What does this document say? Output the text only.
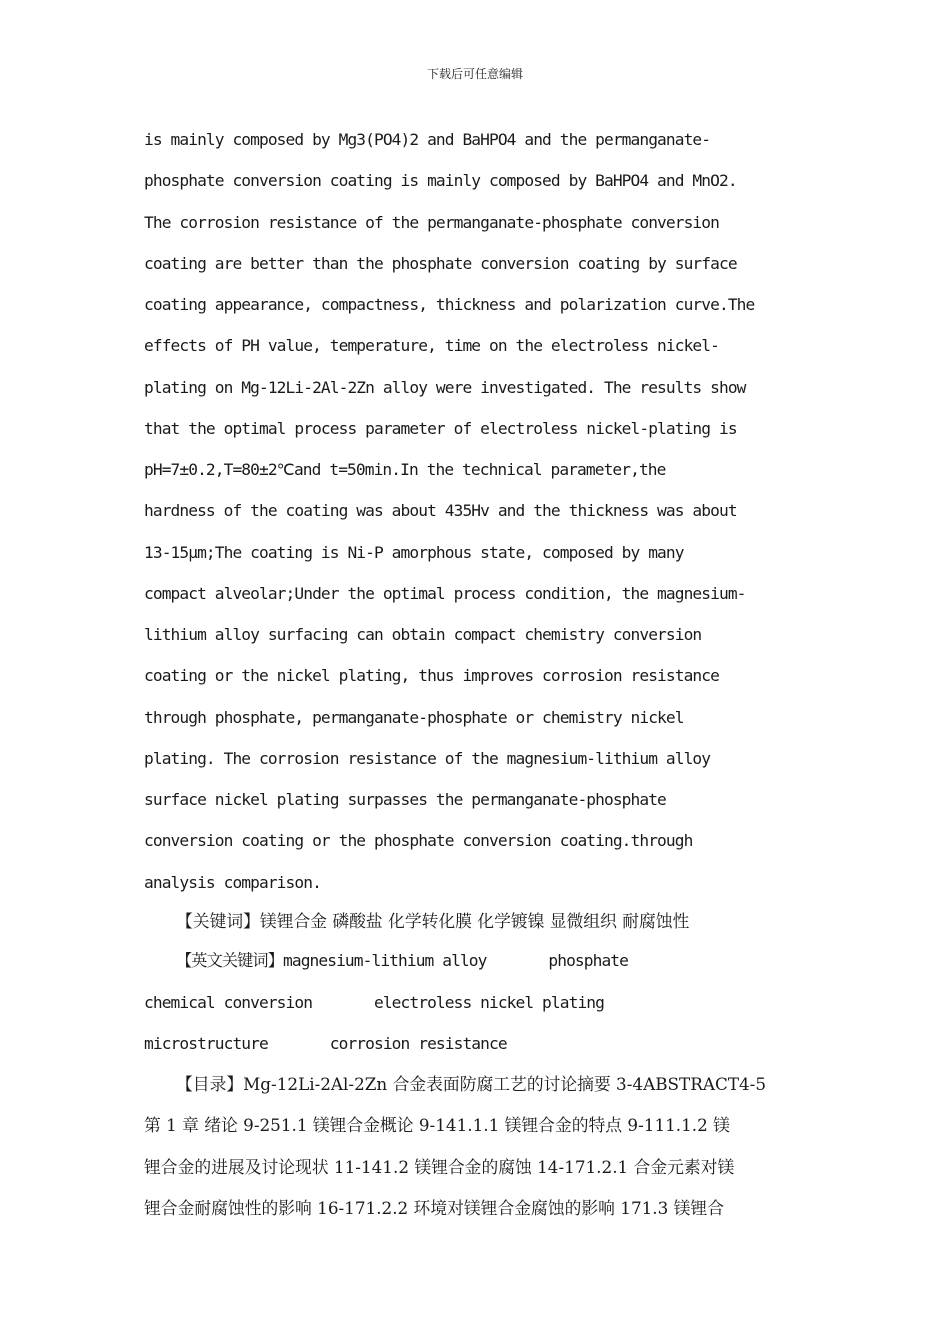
下载后可任意编辑
is mainly composed by Mg3(PO4)2 and BaHPO4 and the permanganate-
phosphate conversion coating is mainly composed by BaHPO4 and MnO2.
The corrosion resistance of the permanganate-phosphate conversion
coating are better than the phosphate conversion coating by surface
coating appearance, compactness, thickness and polarization curve.The
effects of PH value, temperature, time on the electroless nickel-
plating on Mg-12Li-2Al-2Zn alloy were investigated. The results show
that the optimal process parameter of electroless nickel-plating is
pH=7±0.2,T=80±2℃and t=50min.In the technical parameter,the
hardness of the coating was about 435Hv and the thickness was about
13-15μm;The coating is Ni-P amorphous state, composed by many
compact alveolar;Under the optimal process condition, the magnesium-
lithium alloy surfacing can obtain compact chemistry conversion
coating or the nickel plating, thus improves corrosion resistance
through phosphate, permanganate-phosphate or chemistry nickel
plating. The corrosion resistance of the magnesium-lithium alloy
surface nickel plating surpasses the permanganate-phosphate
conversion coating or the phosphate conversion coating.through
analysis comparison.
【关键词】镁锂合金 磷酸盐 化学转化膜 化学镀镍 显微组织 耐腐蚀性
【英文关键词】magnesium-lithium alloy       phosphate
chemical conversion       electroless nickel plating
microstructure       corrosion resistance
【目录】Mg-12Li-2Al-2Zn 合金表面防腐工艺的讨论摘要 3-4ABSTRACT4-5
第 1 章 绪论 9-251.1 镁锂合金概论 9-141.1.1 镁锂合金的特点 9-111.1.2 镁
锂合金的进展及讨论现状 11-141.2 镁锂合金的腐蚀 14-171.2.1 合金元素对镁
锂合金耐腐蚀性的影响 16-171.2.2 环境对镁锂合金腐蚀的影响 171.3 镁锂合
